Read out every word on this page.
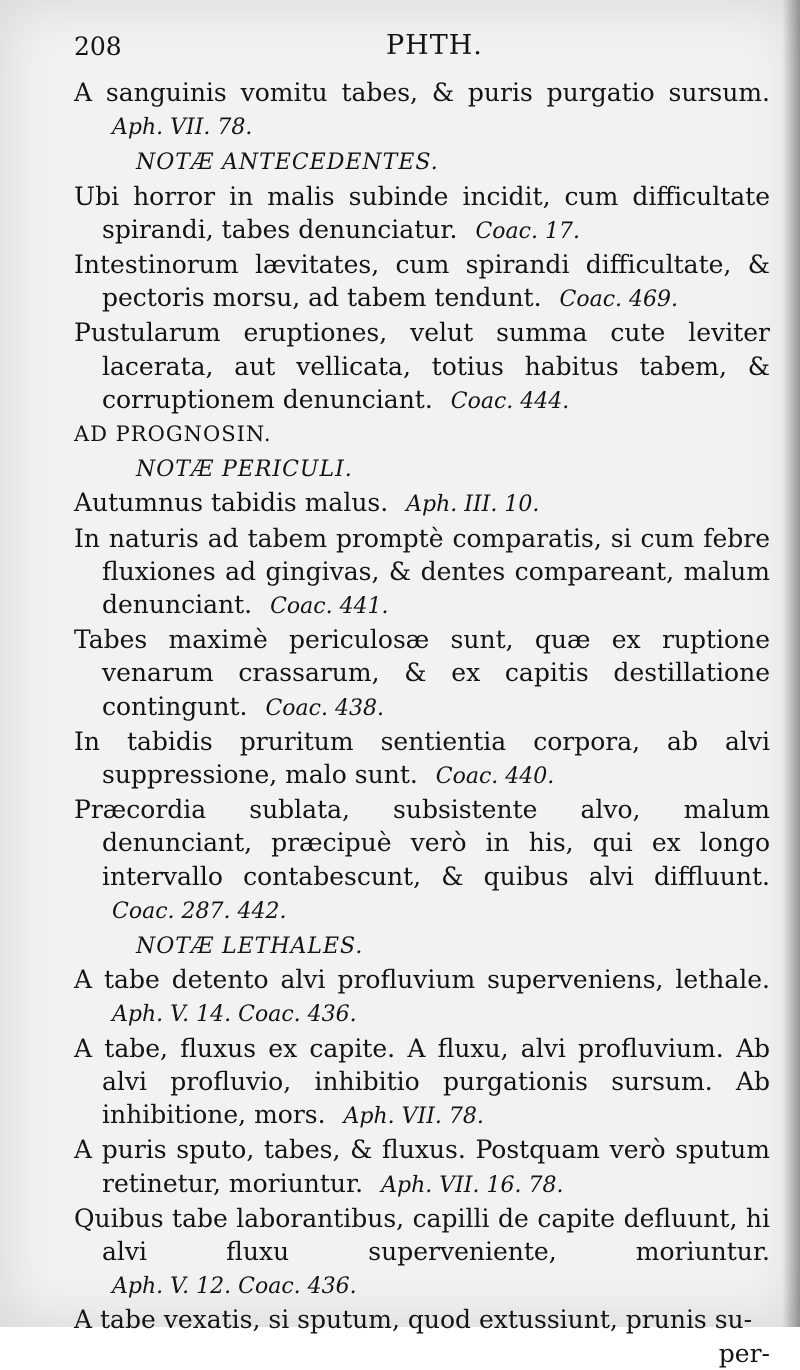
208	PHTH.

A sanguinis vomitu tabes, & puris purgatio sursum. Aph. VII. 78.

NOTÆ ANTECEDENTES.

Ubi horror in malis subinde incidit, cum difficultate spirandi, tabes denunciatur. Coac. 17.

Intestinorum lævitates, cum spirandi difficultate, & pectoris morsu, ad tabem tendunt. Coac. 469.

Pustularum eruptiones, velut summa cute leviter lacerata, aut vellicata, totius habitus tabem, & corruptionem denunciant. Coac. 444.

AD PROGNOSIN.

NOTÆ PERICULI.

Autumnus tabidis malus. Aph. III. 10.

In naturis ad tabem promptè comparatis, si cum febre fluxiones ad gingivas, & dentes compareant, malum denunciant. Coac. 441.

Tabes maximè periculosæ sunt, quæ ex ruptione venarum crassarum, & ex capitis destillatione contingunt. Coac. 438.

In tabidis pruritum sentientia corpora, ab alvi suppressione, malo sunt. Coac. 440.

Præcordia sublata, subsistente alvo, malum denunciant, præcipuè verò in his, qui ex longo intervallo contabescunt, & quibus alvi diffluunt. Coac. 287. 442.

NOTÆ LETHALES.

A tabe detento alvi profluvium superveniens, lethale. Aph. V. 14. Coac. 436.

A tabe, fluxus ex capite. A fluxu, alvi profluvium. Ab alvi profluvio, inhibitio purgationis sursum. Ab inhibitione, mors. Aph. VII. 78.

A puris sputo, tabes, & fluxus. Postquam verò sputum retinetur, moriuntur. Aph. VII. 16. 78.

Quibus tabe laborantibus, capilli de capite defluunt, hi alvi fluxu superveniente, moriuntur. Aph. V. 12. Coac. 436.

A tabe vexatis, si sputum, quod extussiunt, prunis su-

per-
